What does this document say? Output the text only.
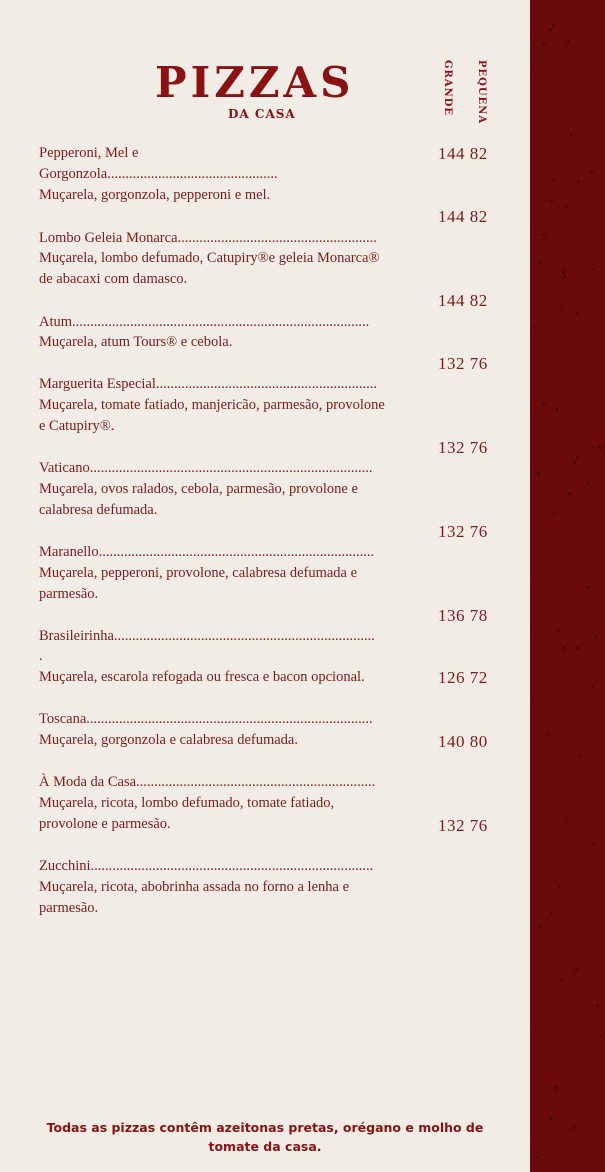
PIZZAS
DA CASA	GRANDE PEQUENA
Pepperoni, Mel e
Gorgonzola...............................................
Muçarela, gorgonzola, pepperoni e mel.
Lombo Geleia Monarca.......................................................
Muçarela, lombo defumado, Catupiry®e geleia Monarca®
de abacaxi com damasco.
Atum..................................................................................
Muçarela, atum Tours® e cebola.
Marguerita Especial.............................................................
Muçarela, tomate fatiado, manjericão, parmesão, provolone
e Catupiry®.
Vaticano..............................................................................
Muçarela, ovos ralados, cebola, parmesão, provolone e
calabresa defumada.
Maranello............................................................................
Muçarela, pepperoni, provolone, calabresa defumada e
parmesão.
Brasileirinha........................................................................
.
Muçarela, escarola refogada ou fresca e bacon opcional.
Toscana...............................................................................
Muçarela, gorgonzola e calabresa defumada.
À Moda da Casa..................................................................
Muçarela, ricota, lombo defumado, tomate fatiado,
provolone e parmesão.
Zucchini..............................................................................
Muçarela, ricota, abobrinha assada no forno a lenha e
parmesão.
144 82
144 82
144 82
132 76
132 76
132 76
136 78
126 72
140 80
132 76
Todas as pizzas contêm azeitonas pretas, orégano e molho de tomate da casa.
